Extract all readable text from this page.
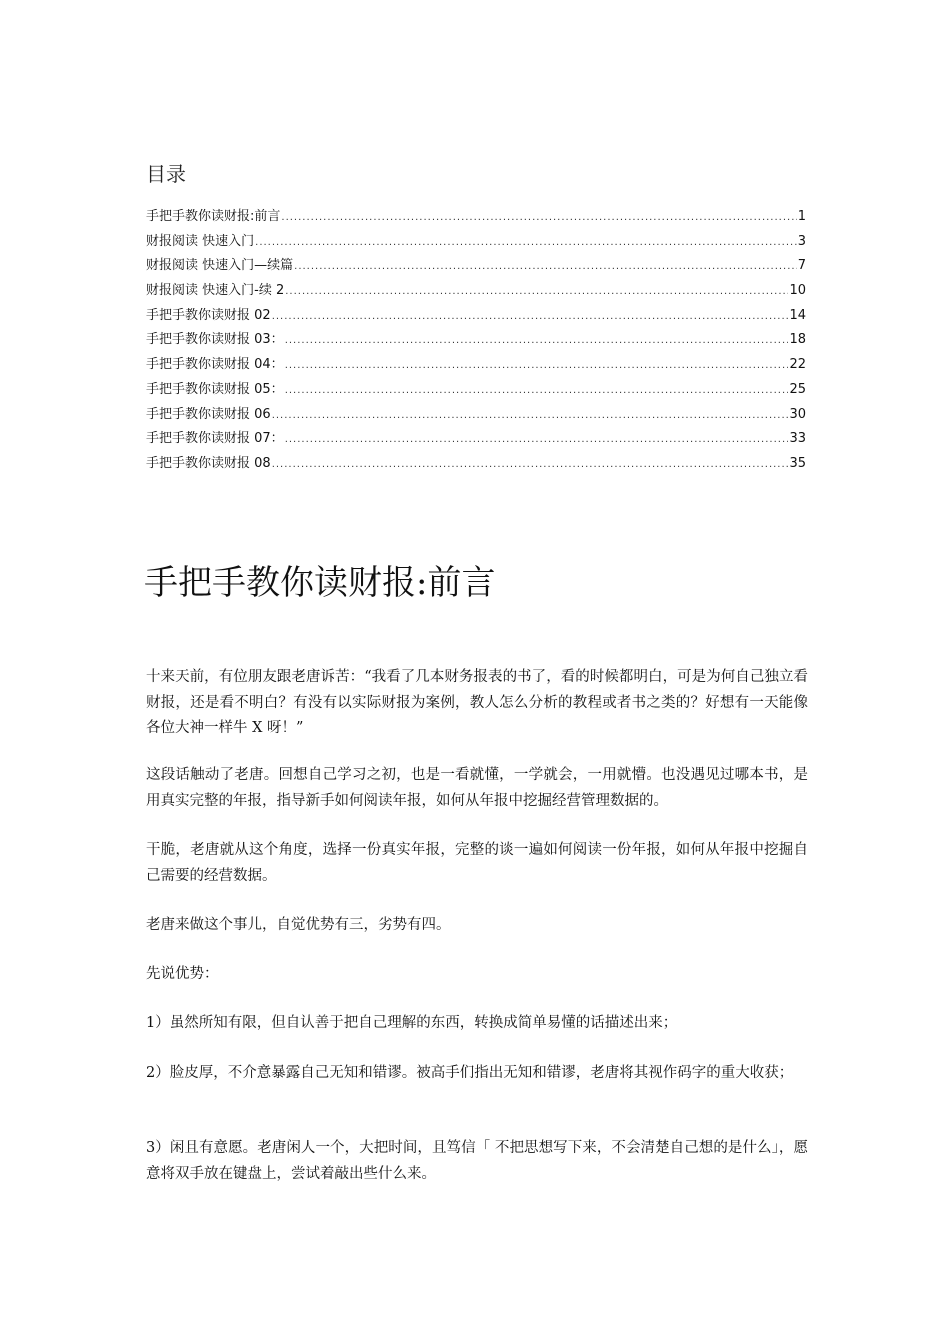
目录
手把手教你读财报:前言 .....	1
财报阅读 快速入门 .....	3
财报阅读 快速入门—续篇 .....	7
财报阅读 快速入门-续 2 .....	10
手把手教你读财报 02 .....	14
手把手教你读财报 03： .....	18
手把手教你读财报 04： .....	22
手把手教你读财报 05： .....	25
手把手教你读财报 06 .....	30
手把手教你读财报 07： .....	33
手把手教你读财报 08 .....	35
手把手教你读财报:前言

十来天前，有位朋友跟老唐诉苦：“我看了几本财务报表的书了，看的时候都明白，可是为何自己独立看财报，还是看不明白？有没有以实际财报为案例，教人怎么分析的教程或者书之类的？好想有一天能像各位大神一样牛 X 呀！”

这段话触动了老唐。回想自己学习之初，也是一看就懂，一学就会，一用就懵。也没遇见过哪本书，是用真实完整的年报，指导新手如何阅读年报，如何从年报中挖掘经营管理数据的。

干脆，老唐就从这个角度，选择一份真实年报，完整的谈一遍如何阅读一份年报，如何从年报中挖掘自己需要的经营数据。

老唐来做这个事儿，自觉优势有三，劣势有四。

先说优势：

1）虽然所知有限，但自认善于把自己理解的东西，转换成简单易懂的话描述出来；

2）脸皮厚，不介意暴露自己无知和错谬。被高手们指出无知和错谬，老唐将其视作码字的重大收获；

3）闲且有意愿。老唐闲人一个，大把时间，且笃信「 不把思想写下来，不会清楚自己想的是什么」，愿意将双手放在键盘上，尝试着敲出些什么来。
